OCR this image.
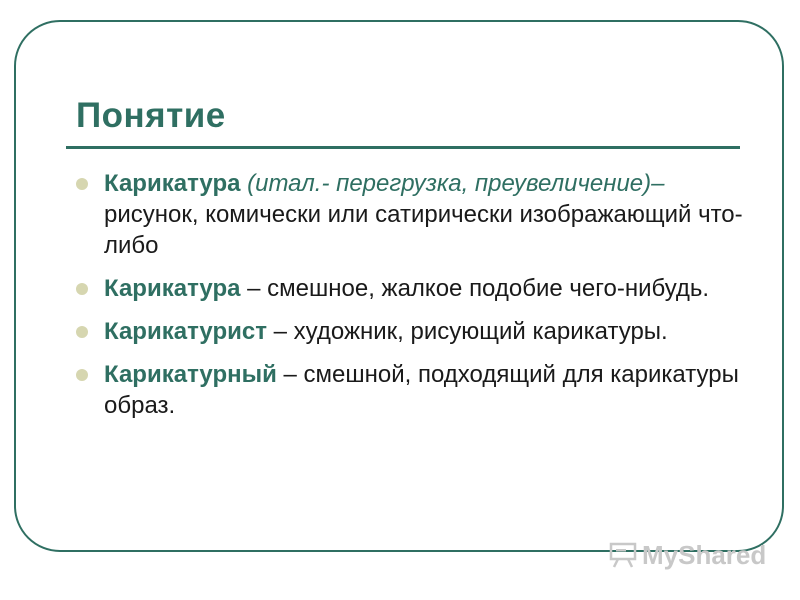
Понятие
Карикатура (итал.- перегрузка, преувеличение)– рисунок, комически или сатирически изображающий что-либо
Карикатура – смешное, жалкое подобие чего-нибудь.
Карикатурист – художник, рисующий карикатуры.
Карикатурный – смешной, подходящий для карикатуры образ.
MyShared
